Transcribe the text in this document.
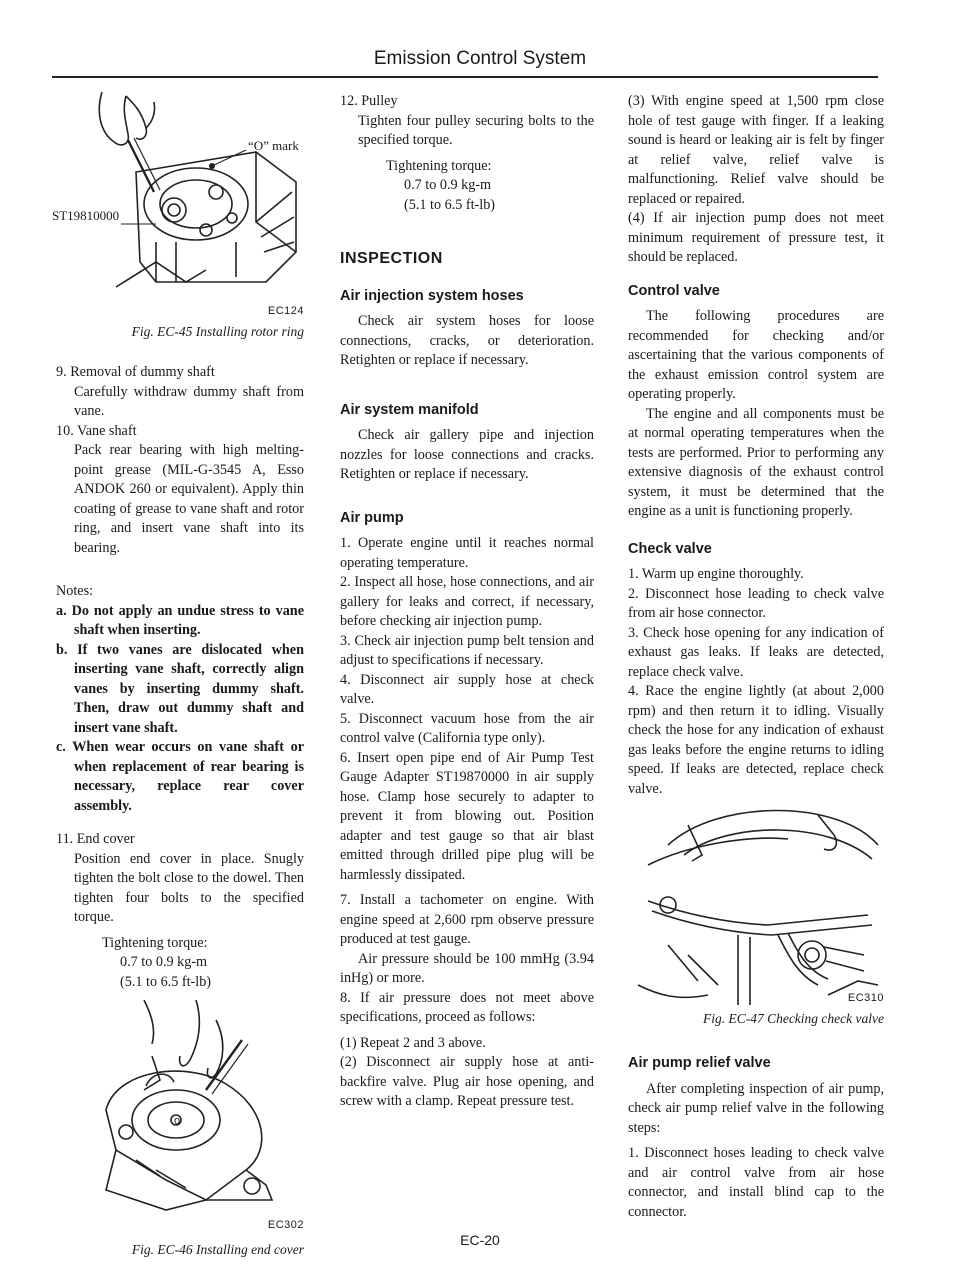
Emission Control System
ST19810000
“O” mark
EC124
Fig. EC-45 Installing rotor ring

9. Removal of dummy shaft

Carefully withdraw dummy shaft from vane.

10. Vane shaft

Pack rear bearing with high melting-point grease (MIL-G-3545 A, Esso ANDOK 260 or equivalent). Apply thin coating of grease to vane shaft and rotor ring, and insert vane shaft into its bearing.

Notes:

a. Do not apply an undue stress to vane shaft when inserting.

b. If two vanes are dislocated when inserting vane shaft, correctly align vanes by inserting dummy shaft. Then, draw out dummy shaft and insert vane shaft.

c. When wear occurs on vane shaft or when replacement of rear bearing is necessary, replace rear cover assembly.

11. End cover

Position end cover in place. Snugly tighten the bolt close to the dowel. Then tighten four bolts to the specified torque.

Tightening torque:

0.7 to 0.9 kg-m

(5.1 to 6.5 ft-lb)

o
EC302
Fig. EC-46 Installing end cover

12. Pulley

Tighten four pulley securing bolts to the specified torque.

Tightening torque:

0.7 to 0.9 kg-m

(5.1 to 6.5 ft-lb)

INSPECTION
Air injection system hoses

Check air system hoses for loose connections, cracks, or deterioration. Retighten or replace if necessary.

Air system manifold

Check air gallery pipe and injection nozzles for loose connections and cracks. Retighten or replace if necessary.

Air pump

1. Operate engine until it reaches normal operating temperature.

2. Inspect all hose, hose connections, and air gallery for leaks and correct, if necessary, before checking air injection pump.

3. Check air injection pump belt tension and adjust to specifications if necessary.

4. Disconnect air supply hose at check valve.

5. Disconnect vacuum hose from the air control valve (California type only).

6. Insert open pipe end of Air Pump Test Gauge Adapter ST19870000 in air supply hose. Clamp hose securely to adapter to prevent it from blowing out. Position adapter and test gauge so that air blast emitted through drilled pipe plug will be harmlessly dissipated.

7. Install a tachometer on engine. With engine speed at 2,600 rpm observe pressure produced at test gauge.

Air pressure should be 100 mmHg (3.94 inHg) or more.

8. If air pressure does not meet above specifications, proceed as follows:

(1) Repeat 2 and 3 above.

(2) Disconnect air supply hose at anti-backfire valve. Plug air hose opening, and screw with a clamp. Repeat pressure test.

(3) With engine speed at 1,500 rpm close hole of test gauge with finger. If a leaking sound is heard or leaking air is felt by finger at relief valve, relief valve is malfunctioning. Relief valve should be replaced or repaired.

(4) If air injection pump does not meet minimum requirement of pressure test, it should be replaced.

Control valve

The following procedures are recommended for checking and/or ascertaining that the various components of the exhaust emission control system are operating properly.

The engine and all components must be at normal operating temperatures when the tests are performed. Prior to performing any extensive diagnosis of the exhaust control system, it must be determined that the engine as a unit is functioning properly.

Check valve

1. Warm up engine thoroughly.

2. Disconnect hose leading to check valve from air hose connector.

3. Check hose opening for any indication of exhaust gas leaks. If leaks are detected, replace check valve.

4. Race the engine lightly (at about 2,000 rpm) and then return it to idling. Visually check the hose for any indication of exhaust gas leaks before the engine returns to idling speed. If leaks are detected, replace check valve.

EC310
Fig. EC-47 Checking check valve
Air pump relief valve

After completing inspection of air pump, check air pump relief valve in the following steps:

1. Disconnect hoses leading to check valve and air control valve from air hose connector, and install blind cap to the connector.

EC-20
